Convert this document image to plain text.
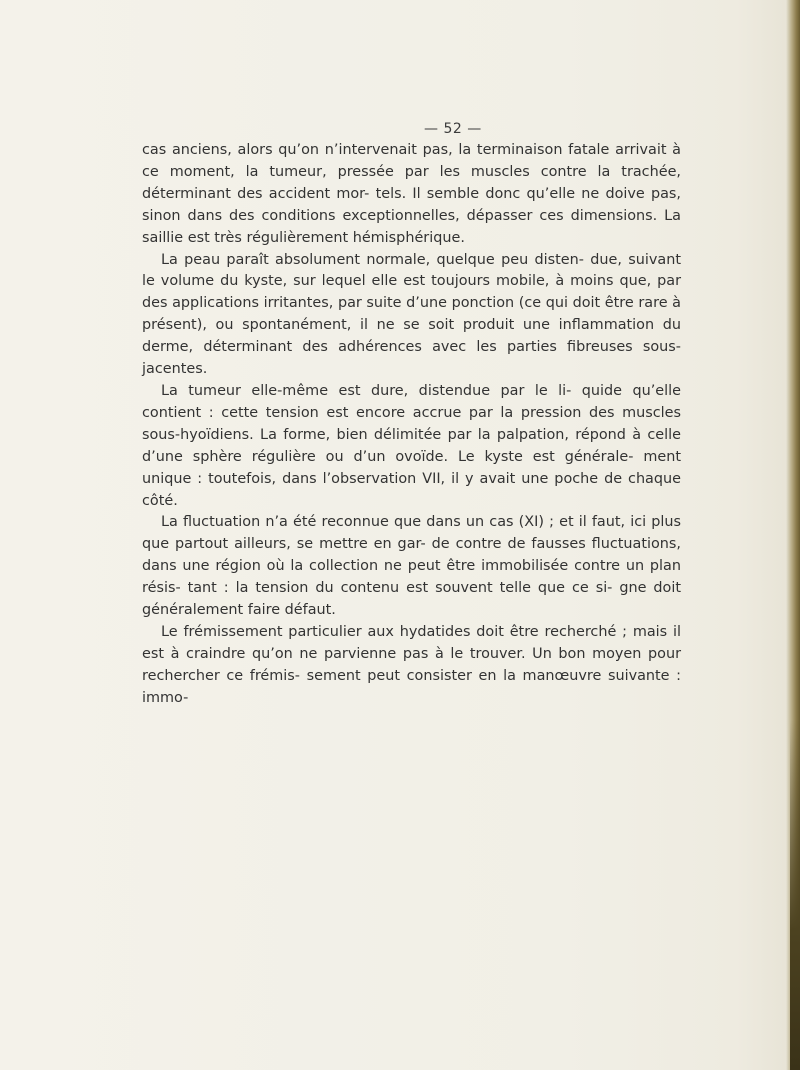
— 52 —

cas anciens, alors qu’on n’intervenait pas, la terminaison fatale arrivait à ce moment, la tumeur, pressée par les muscles contre la trachée, déterminant des accident mor- tels. Il semble donc qu’elle ne doive pas, sinon dans des conditions exceptionnelles, dépasser ces dimensions. La saillie est très régulièrement hémisphérique.

La peau paraît absolument normale, quelque peu disten- due, suivant le volume du kyste, sur lequel elle est toujours mobile, à moins que, par des applications irritantes, par suite d’une ponction (ce qui doit être rare à présent), ou spontanément, il ne se soit produit une inflammation du derme, déterminant des adhérences avec les parties fibreuses sous-jacentes.

La tumeur elle-même est dure, distendue par le li- quide qu’elle contient : cette tension est encore accrue par la pression des muscles sous-hyoïdiens. La forme, bien délimitée par la palpation, répond à celle d’une sphère régulière ou d’un ovoïde. Le kyste est générale- ment unique : toutefois, dans l’observation VII, il y avait une poche de chaque côté.

La fluctuation n’a été reconnue que dans un cas (XI) ; et il faut, ici plus que partout ailleurs, se mettre en gar- de contre de fausses fluctuations, dans une région où la collection ne peut être immobilisée contre un plan résis- tant : la tension du contenu est souvent telle que ce si- gne doit généralement faire défaut.

Le frémissement particulier aux hydatides doit être recherché ; mais il est à craindre qu’on ne parvienne pas à le trouver. Un bon moyen pour rechercher ce frémis- sement peut consister en la manœuvre suivante : immo-
